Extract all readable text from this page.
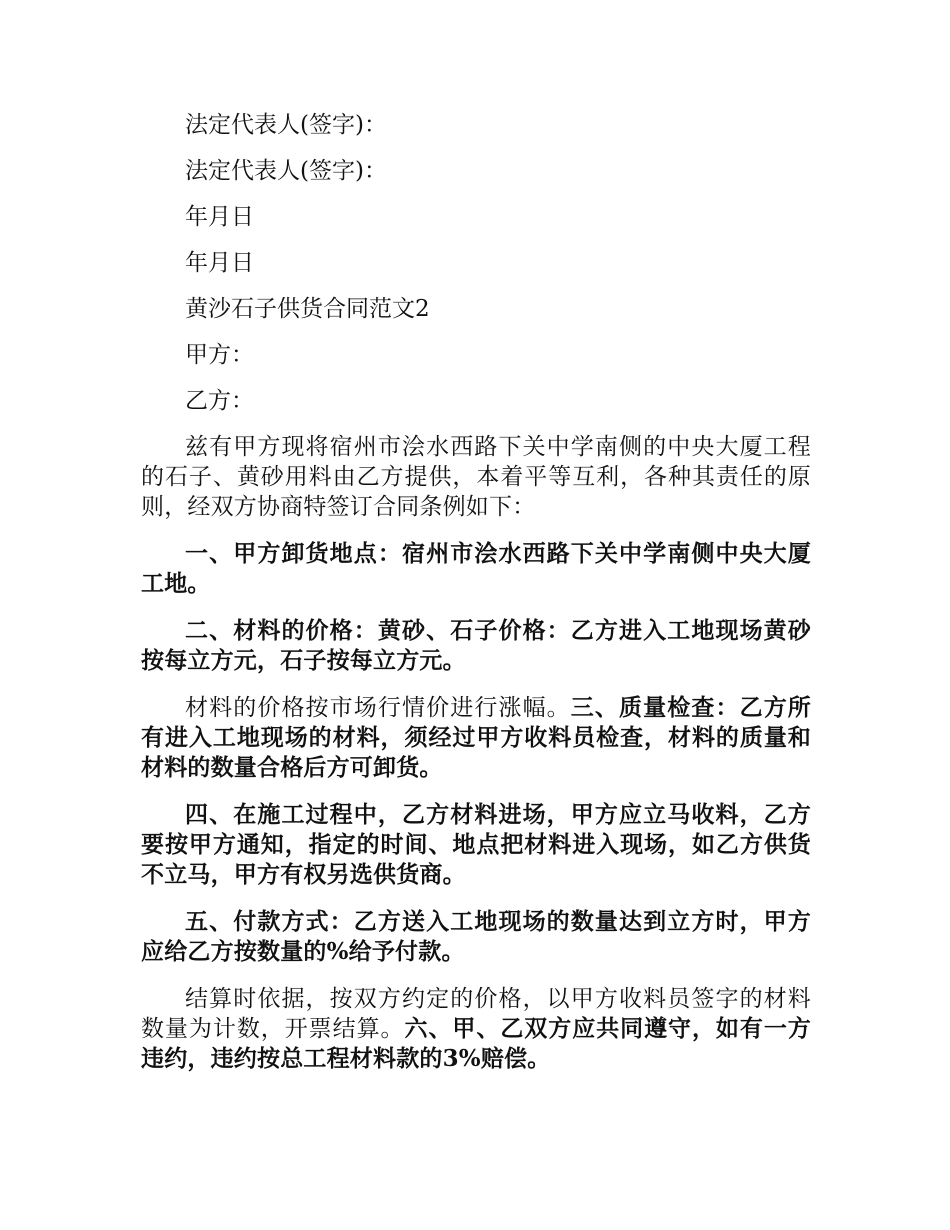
法定代表人(签字)：
法定代表人(签字)：
年月日
年月日
黄沙石子供货合同范文2
甲方：
乙方：

兹有甲方现将宿州市浍水西路下关中学南侧的中央大厦工程的石子、黄砂用料由乙方提供，本着平等互利，各种其责任的原则，经双方协商特签订合同条例如下：

一、甲方卸货地点：宿州市浍水西路下关中学南侧中央大厦工地。

二、材料的价格：黄砂、石子价格：乙方进入工地现场黄砂按每立方元，石子按每立方元。

材料的价格按市场行情价进行涨幅。三、质量检查：乙方所有进入工地现场的材料，须经过甲方收料员检查，材料的质量和材料的数量合格后方可卸货。

四、在施工过程中，乙方材料进场，甲方应立马收料，乙方要按甲方通知，指定的时间、地点把材料进入现场，如乙方供货不立马，甲方有权另选供货商。

五、付款方式：乙方送入工地现场的数量达到立方时，甲方应给乙方按数量的%给予付款。

结算时依据，按双方约定的价格，以甲方收料员签字的材料数量为计数，开票结算。六、甲、乙双方应共同遵守，如有一方违约，违约按总工程材料款的3%赔偿。
